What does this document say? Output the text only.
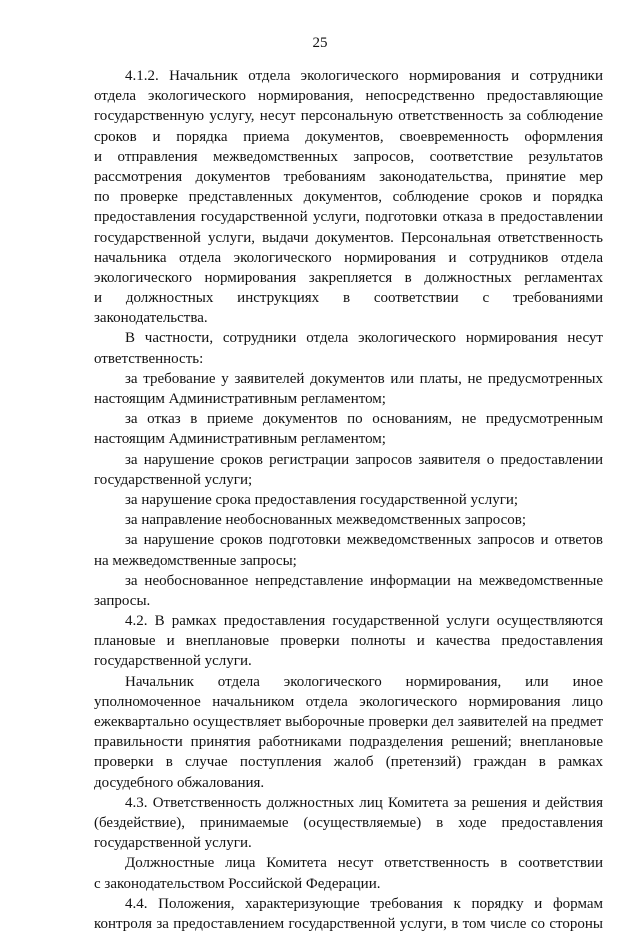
25
4.1.2. Начальник отдела экологического нормирования и сотрудники
отдела экологического нормирования, непосредственно предоставляющие
государственную услугу, несут персональную ответственность за соблюдение
сроков и порядка приема документов, своевременность оформления
и отправления межведомственных запросов, соответствие результатов
рассмотрения документов требованиям законодательства, принятие мер
по проверке представленных документов, соблюдение сроков и порядка
предоставления государственной услуги, подготовки отказа в предоставлении
государственной услуги, выдачи документов. Персональная ответственность
начальника отдела экологического нормирования и сотрудников отдела
экологического нормирования закрепляется в должностных регламентах
и должностных инструкциях в соответствии с требованиями
законодательства.
В частности, сотрудники отдела экологического нормирования несут
ответственность:
за требование у заявителей документов или платы, не предусмотренных
настоящим Административным регламентом;
за отказ в приеме документов по основаниям, не предусмотренным
настоящим Административным регламентом;
за нарушение сроков регистрации запросов заявителя о предоставлении
государственной услуги;
за нарушение срока предоставления государственной услуги;
за направление необоснованных межведомственных запросов;
за нарушение сроков подготовки межведомственных запросов и ответов
на межведомственные запросы;
за необоснованное непредставление информации на межведомственные
запросы.
4.2. В рамках предоставления государственной услуги осуществляются
плановые и внеплановые проверки полноты и качества предоставления
государственной услуги.
Начальник отдела экологического нормирования, или иное
уполномоченное начальником отдела экологического нормирования лицо
ежеквартально осуществляет выборочные проверки дел заявителей на предмет
правильности принятия работниками подразделения решений; внеплановые
проверки в случае поступления жалоб (претензий) граждан в рамках
досудебного обжалования.
4.3. Ответственность должностных лиц Комитета за решения и действия
(бездействие), принимаемые (осуществляемые) в ходе предоставления
государственной услуги.
Должностные лица Комитета несут ответственность в соответствии
с законодательством Российской Федерации.
4.4. Положения, характеризующие требования к порядку и формам
контроля за предоставлением государственной услуги, в том числе со стороны
